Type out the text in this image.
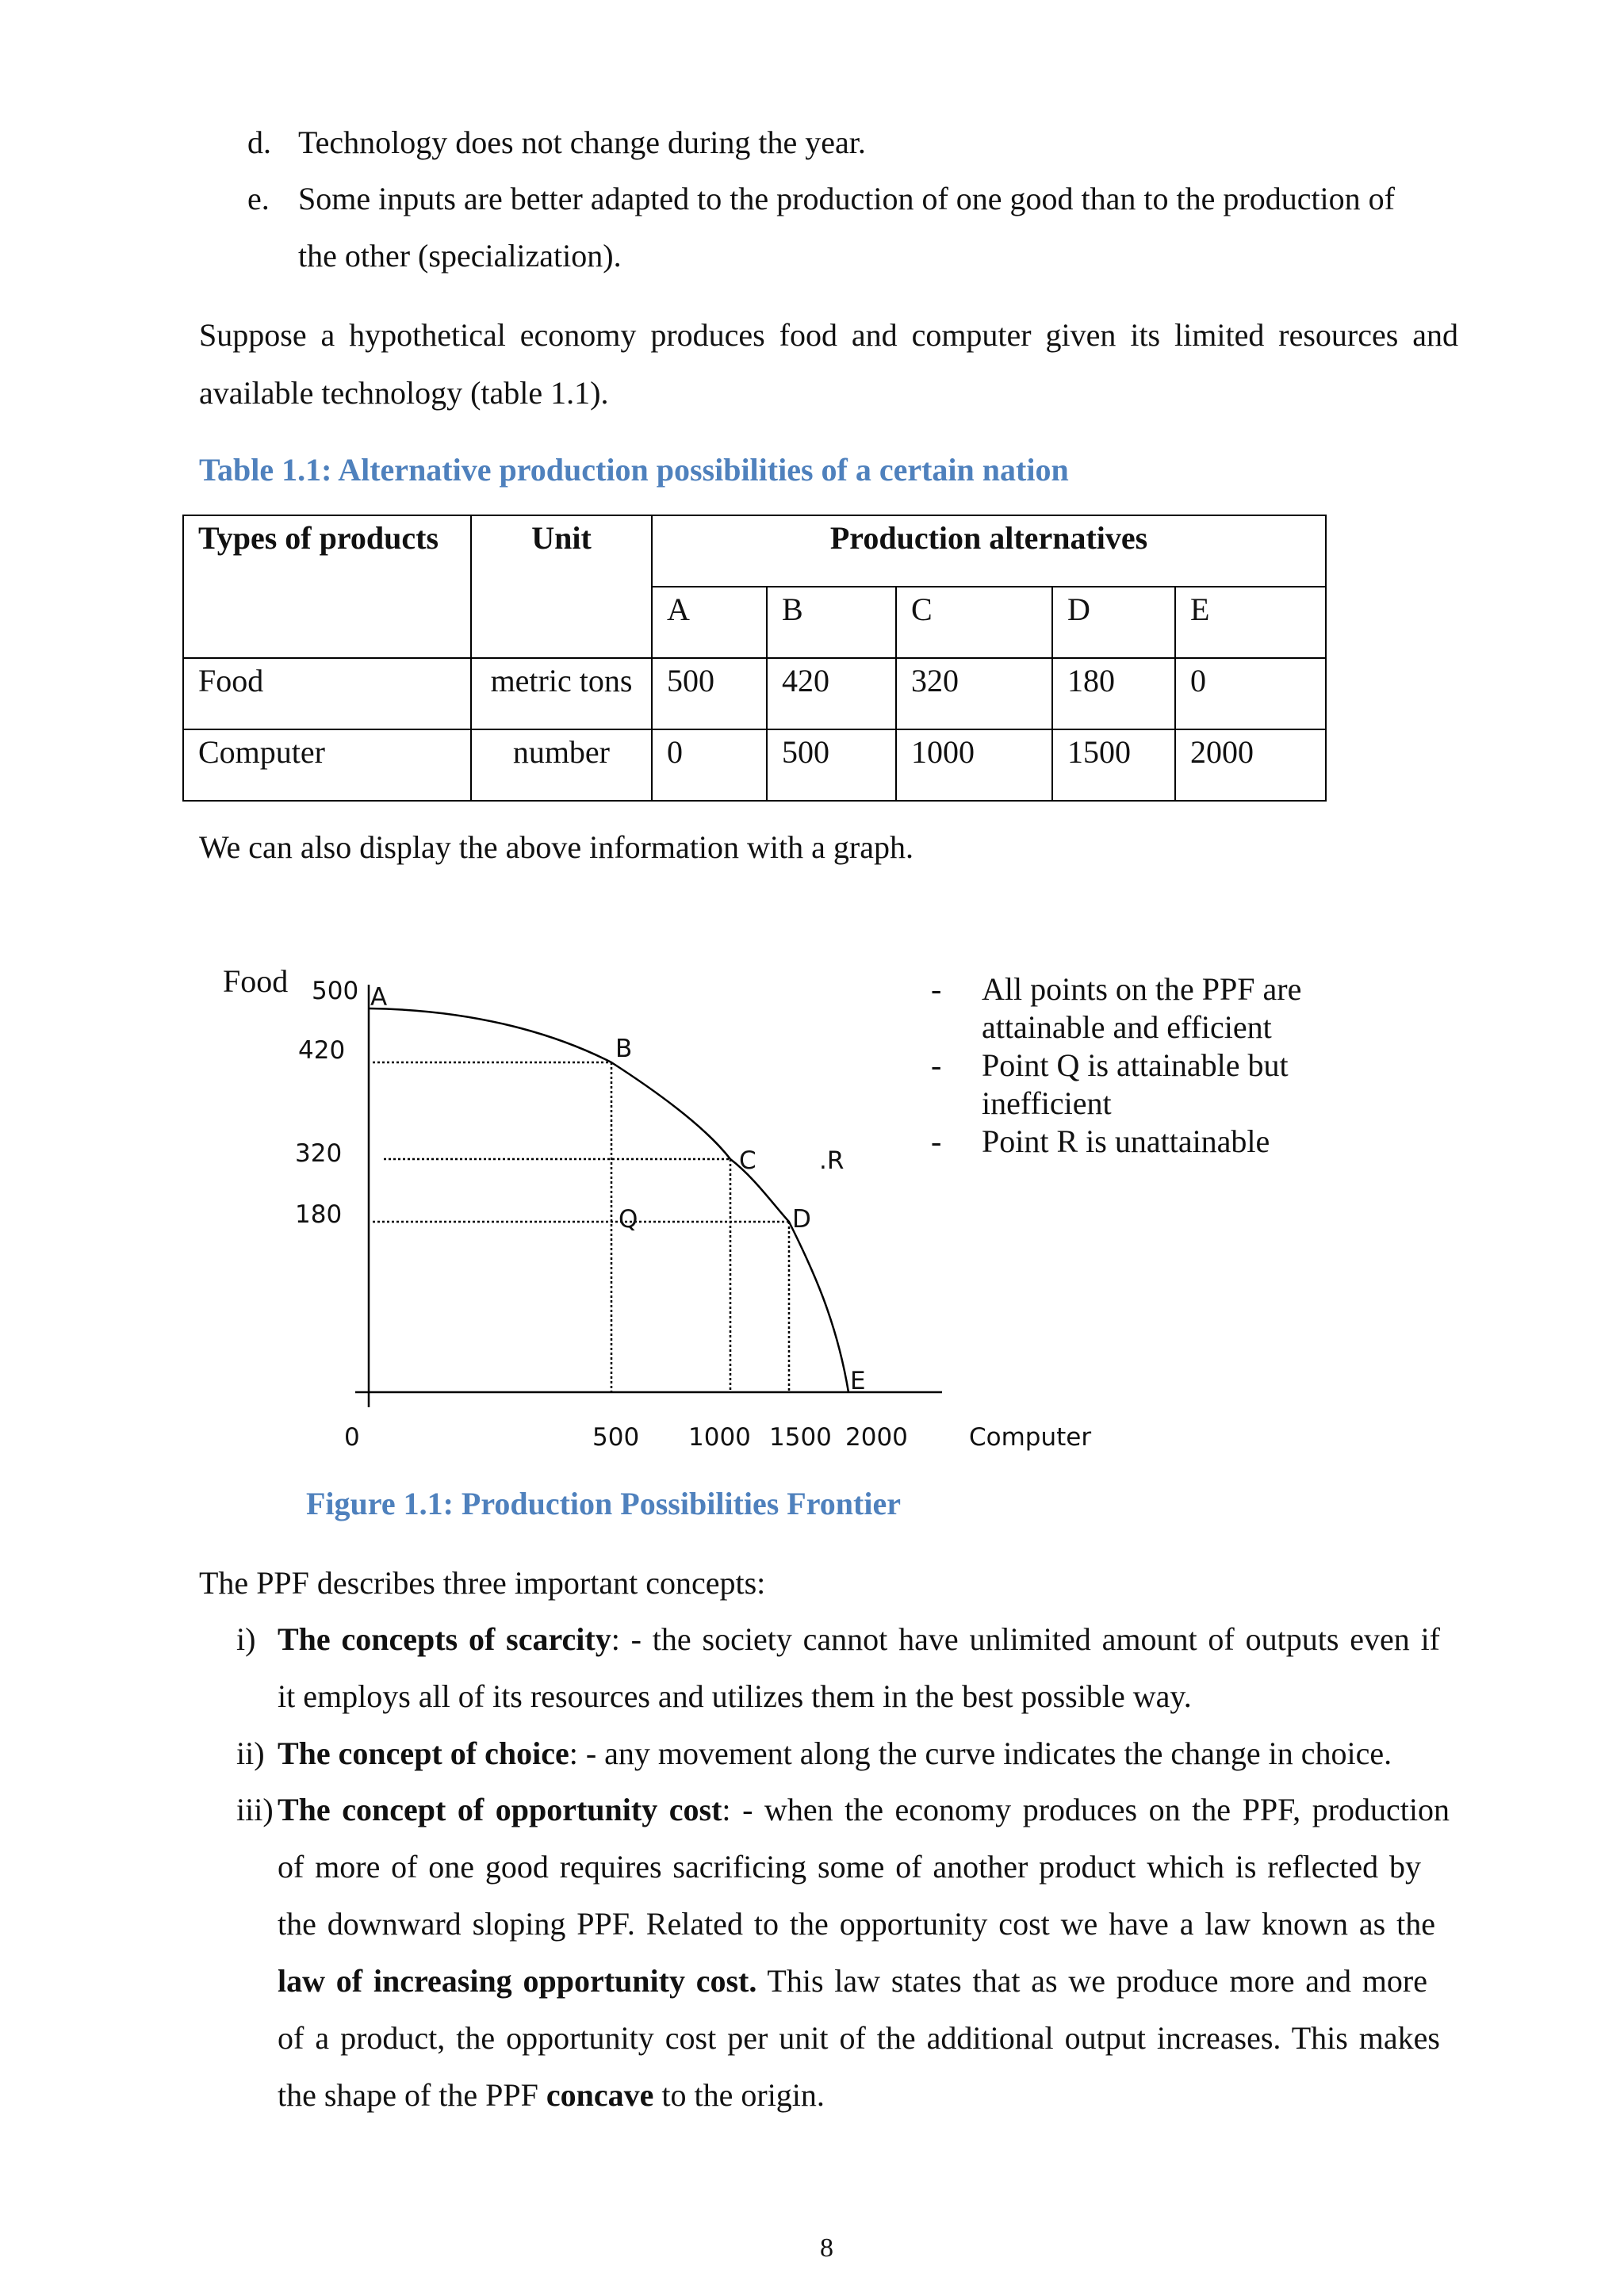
d. Technology does not change during the year.
e. Some inputs are better adapted to the production of one good than to the production of
the other (specialization).
Suppose a hypothetical economy produces food and computer given its limited resources and
available technology (table 1.1).
Table 1.1: Alternative production possibilities of a certain nation
Types of products	Unit	Production alternatives				
		A	B	C	D	E
Food	metric tons	500	420	320	180	0
Computer	number	0	500	1000	1500	2000
We can also display the above information with a graph.
Food
Computer
500
420
320
180
0	500 1000 1500 2000
A
B
C
D
E
Q
.R
- All points on the PPF are
attainable and efficient
- Point Q is attainable but
inefficient
- Point R is unattainable
Figure 1.1: Production Possibilities Frontier
The PPF describes three important concepts:
i) The concepts of scarcity: - the society cannot have unlimited amount of outputs even if
it employs all of its resources and utilizes them in the best possible way.
ii) The concept of choice: - any movement along the curve indicates the change in choice.
iii) The concept of opportunity cost: - when the economy produces on the PPF, production
of more of one good requires sacrificing some of another product which is reflected by
the downward sloping PPF. Related to the opportunity cost we have a law known as the
law of increasing opportunity cost. This law states that as we produce more and more
of a product, the opportunity cost per unit of the additional output increases. This makes
the shape of the PPF concave to the origin.
8
